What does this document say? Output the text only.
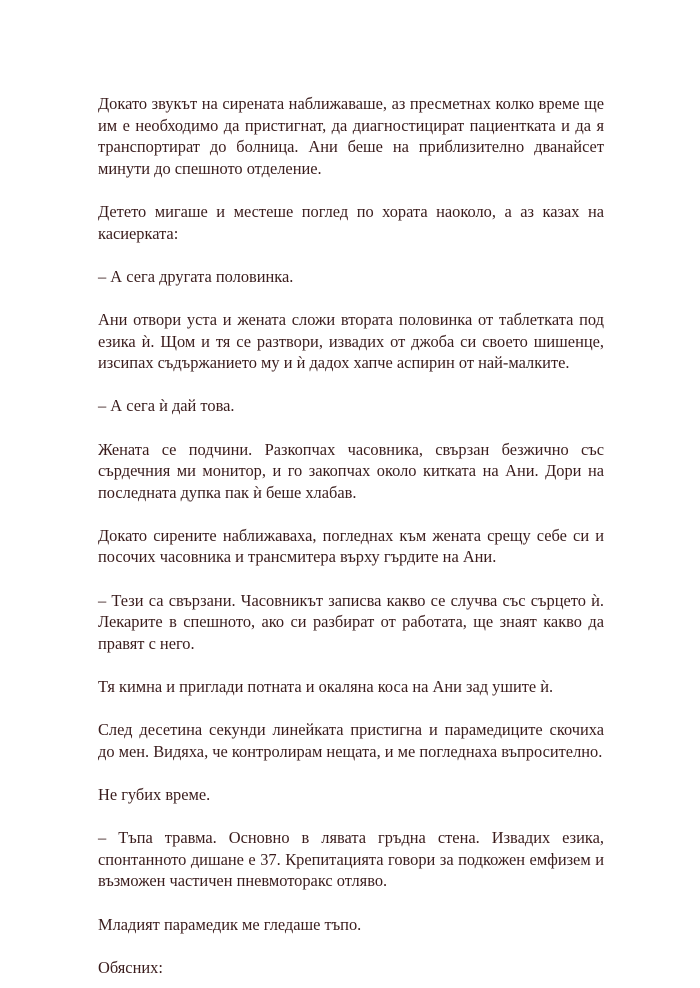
Докато звукът на сирената наближаваше, аз пресметнах колко време ще им е необходимо да пристигнат, да диагностицират пациентката и да я транспортират до болница. Ани беше на приблизително дванайсет минути до спешното отделение.

Детето мигаше и местеше поглед по хората наоколо, а аз казах на касиерката:

– А сега другата половинка.

Ани отвори уста и жената сложи втората половинка от таблетката под езика ѝ. Щом и тя се разтвори, извадих от джоба си своето шишенце, изсипах съдържанието му и ѝ дадох хапче аспирин от най-малките.

– А сега ѝ дай това.

Жената се подчини. Разкопчах часовника, свързан безжично със сърдечния ми монитор, и го закопчах около китката на Ани. Дори на последната дупка пак ѝ беше хлабав.

Докато сирените наближаваха, погледнах към жената срещу себе си и посочих часовника и трансмитера върху гърдите на Ани.

– Тези са свързани. Часовникът записва какво се случва със сърцето ѝ. Лекарите в спешното, ако си разбират от работата, ще знаят какво да правят с него.

Тя кимна и приглади потната и окаляна коса на Ани зад ушите ѝ.

След десетина секунди линейката пристигна и парамедиците скочиха до мен. Видяха, че контролирам нещата, и ме погледнаха въпросително.

Не губих време.

– Тъпа травма. Основно в лявата гръдна стена. Извадих езика, спонтанното дишане е 37. Крепитацията говори за подкожен емфизем и възможен частичен пневмоторакс отляво.

Младият парамедик ме гледаше тъпо.

Обясних:
